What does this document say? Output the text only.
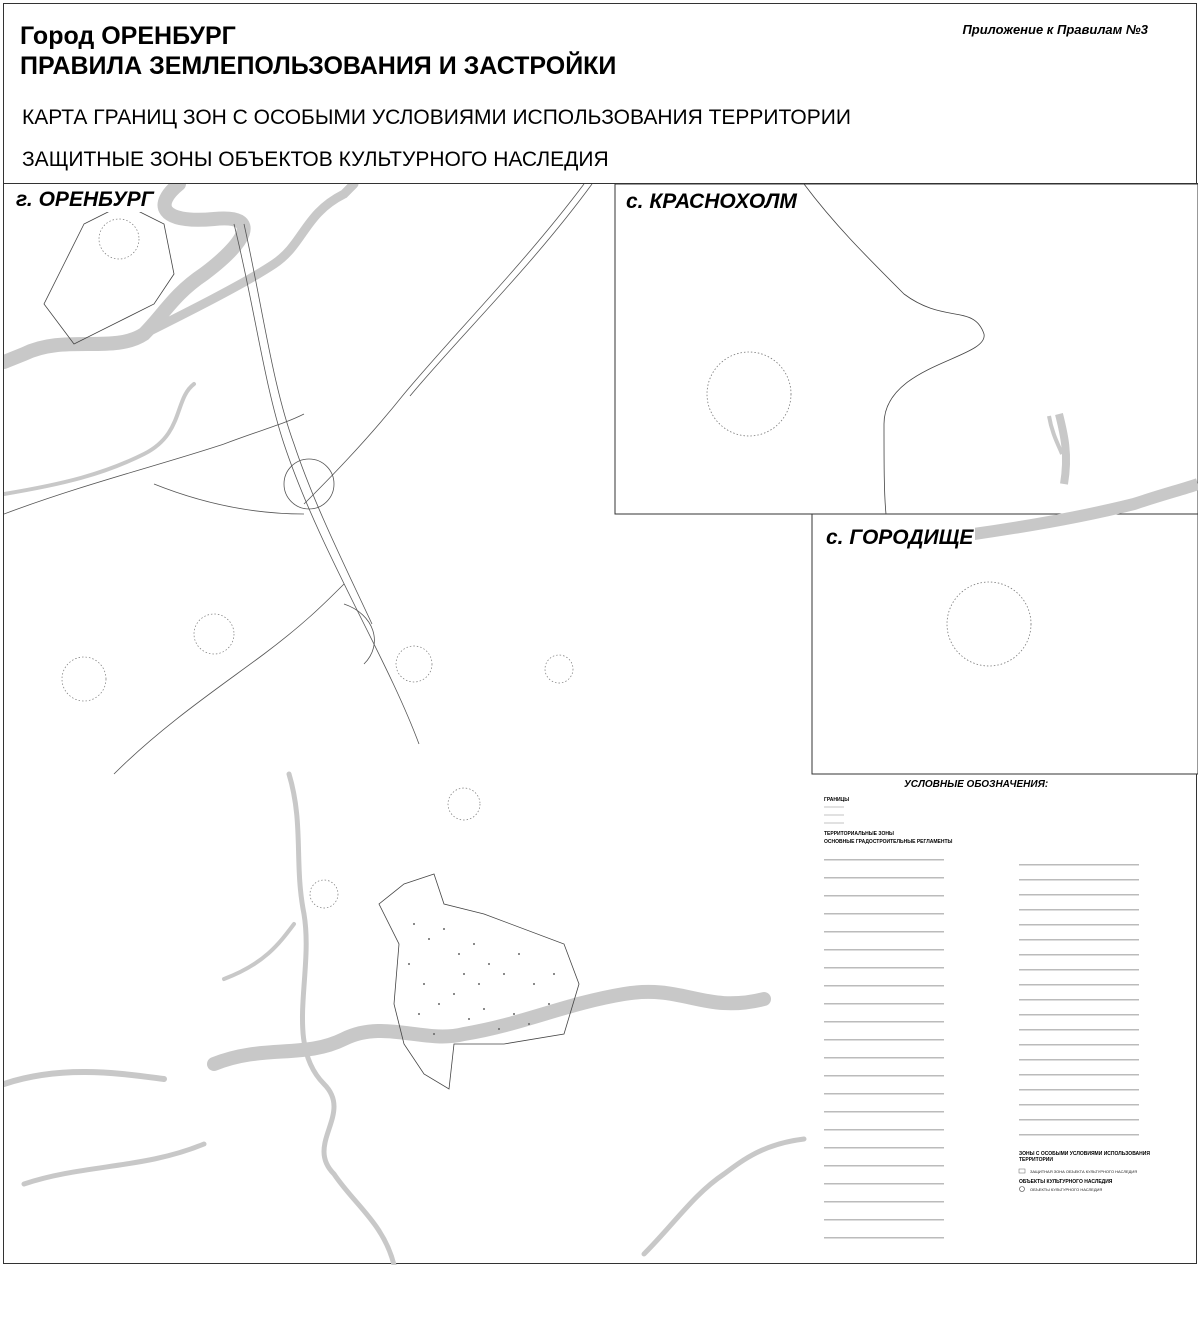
Город ОРЕНБУРГ
ПРАВИЛА ЗЕМЛЕПОЛЬЗОВАНИЯ И ЗАСТРОЙКИ
Приложение к Правилам №3
КАРТА ГРАНИЦ ЗОН С ОСОБЫМИ УСЛОВИЯМИ ИСПОЛЬЗОВАНИЯ ТЕРРИТОРИИ
ЗАЩИТНЫЕ ЗОНЫ ОБЪЕКТОВ КУЛЬТУРНОГО НАСЛЕДИЯ
г. ОРЕНБУРГ	с. КРАСНОХОЛМ
с. ГОРОДИЩЕ
УСЛОВНЫЕ ОБОЗНАЧЕНИЯ:
ГРАНИЦЫ
ТЕРРИТОРИАЛЬНЫЕ ЗОНЫ
ОСНОВНЫЕ ГРАДОСТРОИТЕЛЬНЫЕ РЕГЛАМЕНТЫ
ЗОНЫ С ОСОБЫМИ УСЛОВИЯМИ ИСПОЛЬЗОВАНИЯ ТЕРРИТОРИИ
ЗАЩИТНАЯ ЗОНА ОБЪЕКТА КУЛЬТУРНОГО НАСЛЕДИЯ
ОБЪЕКТЫ КУЛЬТУРНОГО НАСЛЕДИЯ
ОБЪЕКТЫ КУЛЬТУРНОГО НАСЛЕДИЯ
